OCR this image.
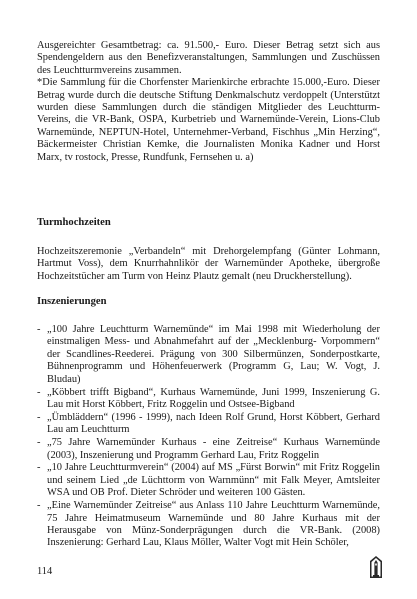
Ausgereichter Gesamtbetrag: ca. 91.500,- Euro. Dieser Betrag setzt sich aus Spendengeldern aus den Benefizveranstaltungen, Sammlungen und Zuschüssen des Leuchtturmvereins zusammen.

*Die Sammlung für die Chorfenster Marienkirche erbrachte 15.000,-Euro. Dieser Betrag wurde durch die deutsche Stiftung Denkmalschutz verdoppelt (Unterstützt wurden diese Sammlungen durch die ständigen Mitglieder des Leuchtturm-Vereins, die VR-Bank, OSPA, Kurbetrieb und Warnemünde-Verein, Lions-Club Warnemünde, NEPTUN-Hotel, Unternehmer-Verband, Fischhus „Min Herzing“, Bäckermeister Christian Kemke, die Journalisten Monika Kadner und Horst Marx, tv rostock, Presse, Rundfunk, Fernsehen u. a)

Turmhochzeiten

Hochzeitszeremonie „Verbandeln“ mit Drehorgelempfang (Günter Lohmann, Hartmut Voss), dem Knurrhahnlikör der Warnemünder Apotheke, übergroße Hochzeitstücher am Turm von Heinz Plautz gemalt (neu Druckherstellung).

Inszenierungen
- „100 Jahre Leuchtturm Warnemünde“ im Mai 1998 mit Wiederholung der einstmaligen Mess- und Abnahmefahrt auf der „Mecklenburg- Vorpommern“ der Scandlines-Reederei. Prägung von 300 Silbermünzen, Sonderpostkarte, Bühnenprogramm und Höhenfeuerwerk (Programm G, Lau; W. Vogt, J. Bludau)
- „Köbbert trifft Bigband“, Kurhaus Warnemünde, Juni 1999, Inszenierung G. Lau mit Horst Köbbert, Fritz Roggelin und Ostsee-Bigband
- „Ümbläddern“ (1996 - 1999), nach Ideen Rolf Grund, Horst Köbbert, Gerhard Lau am Leuchtturm
- „75 Jahre Warnemünder Kurhaus - eine Zeitreise“ Kurhaus Warnemünde (2003), Inszenierung und Programm Gerhard Lau, Fritz Roggelin
- „10 Jahre Leuchtturmverein“ (2004) auf MS „Fürst Borwin“ mit Fritz Roggelin und seinem Lied „de Lüchttorm von Warnmünn“ mit Falk Meyer, Amtsleiter WSA und OB Prof. Dieter Schröder und weiteren 100 Gästen.
- „Eine Warnemünder Zeitreise“ aus Anlass 110 Jahre Leuchtturm Warnemünde, 75 Jahre Heimatmuseum Warnemünde und 80 Jahre Kurhaus mit der Herausgabe von Münz-Sonderprägungen durch die VR-Bank. (2008) Inszenierung: Gerhard Lau, Klaus Möller, Walter Vogt mit Hein Schöler,
114
